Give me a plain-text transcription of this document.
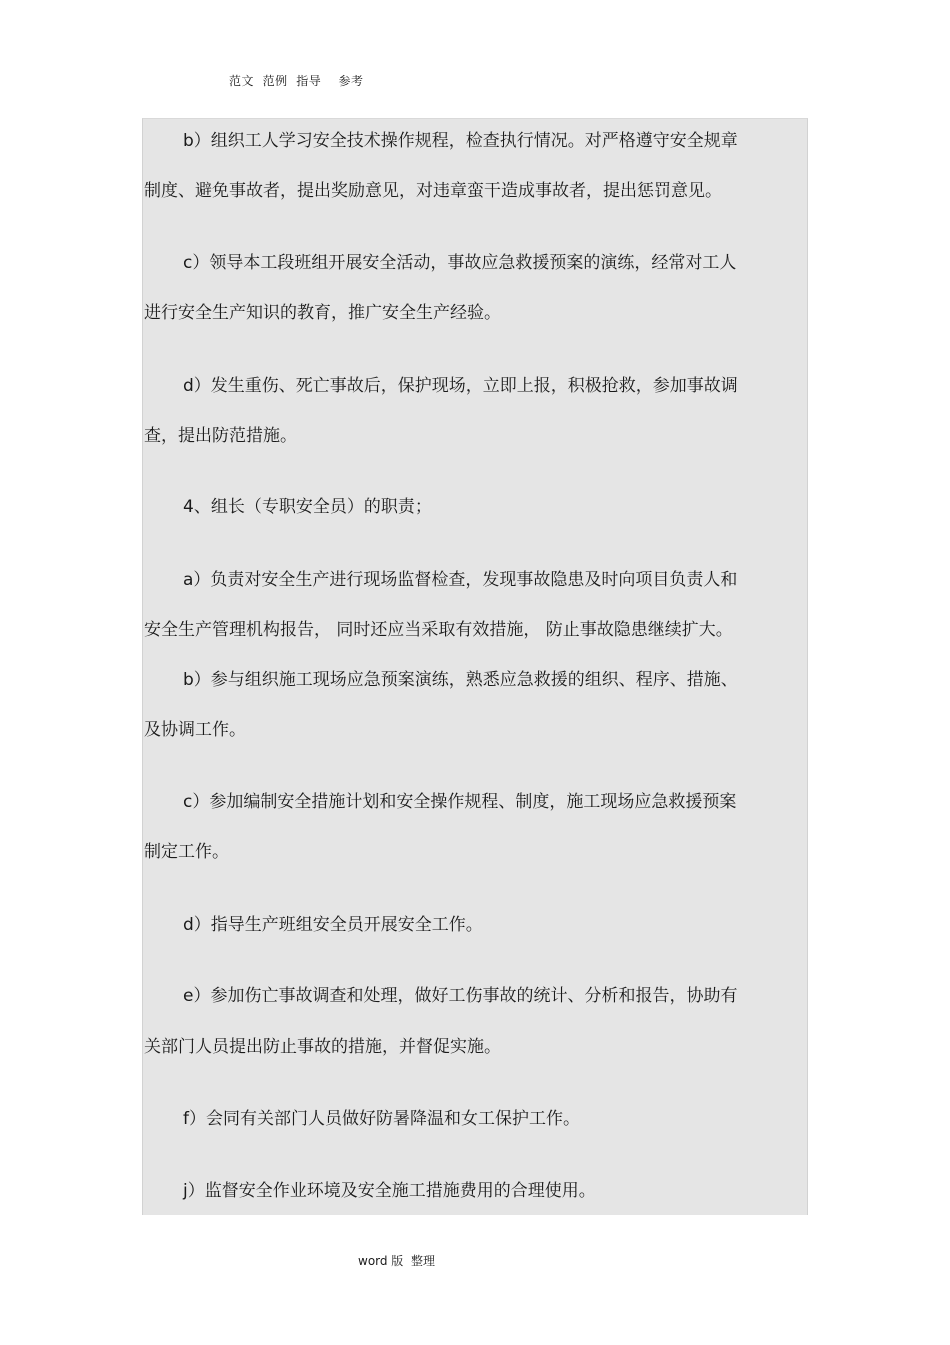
范文  范例  指导    参考
b）组织工人学习安全技术操作规程，检查执行情况。对严格遵守安全规章
制度、避免事故者，提出奖励意见，对违章蛮干造成事故者，提出惩罚意见。
c）领导本工段班组开展安全活动，事故应急救援预案的演练，经常对工人
进行安全生产知识的教育，推广安全生产经验。
d）发生重伤、死亡事故后，保护现场，立即上报，积极抢救，参加事故调
查，提出防范措施。
4、组长（专职安全员）的职责；
a）负责对安全生产进行现场监督检查，发现事故隐患及时向项目负责人和
安全生产管理机构报告， 同时还应当采取有效措施， 防止事故隐患继续扩大。
b）参与组织施工现场应急预案演练，熟悉应急救援的组织、程序、措施、
及协调工作。
c）参加编制安全措施计划和安全操作规程、制度，施工现场应急救援预案
制定工作。
d）指导生产班组安全员开展安全工作。
e）参加伤亡事故调查和处理，做好工伤事故的统计、分析和报告，协助有
关部门人员提出防止事故的措施，并督促实施。
f）会同有关部门人员做好防暑降温和女工保护工作。
j）监督安全作业环境及安全施工措施费用的合理使用。
word 版  整理
